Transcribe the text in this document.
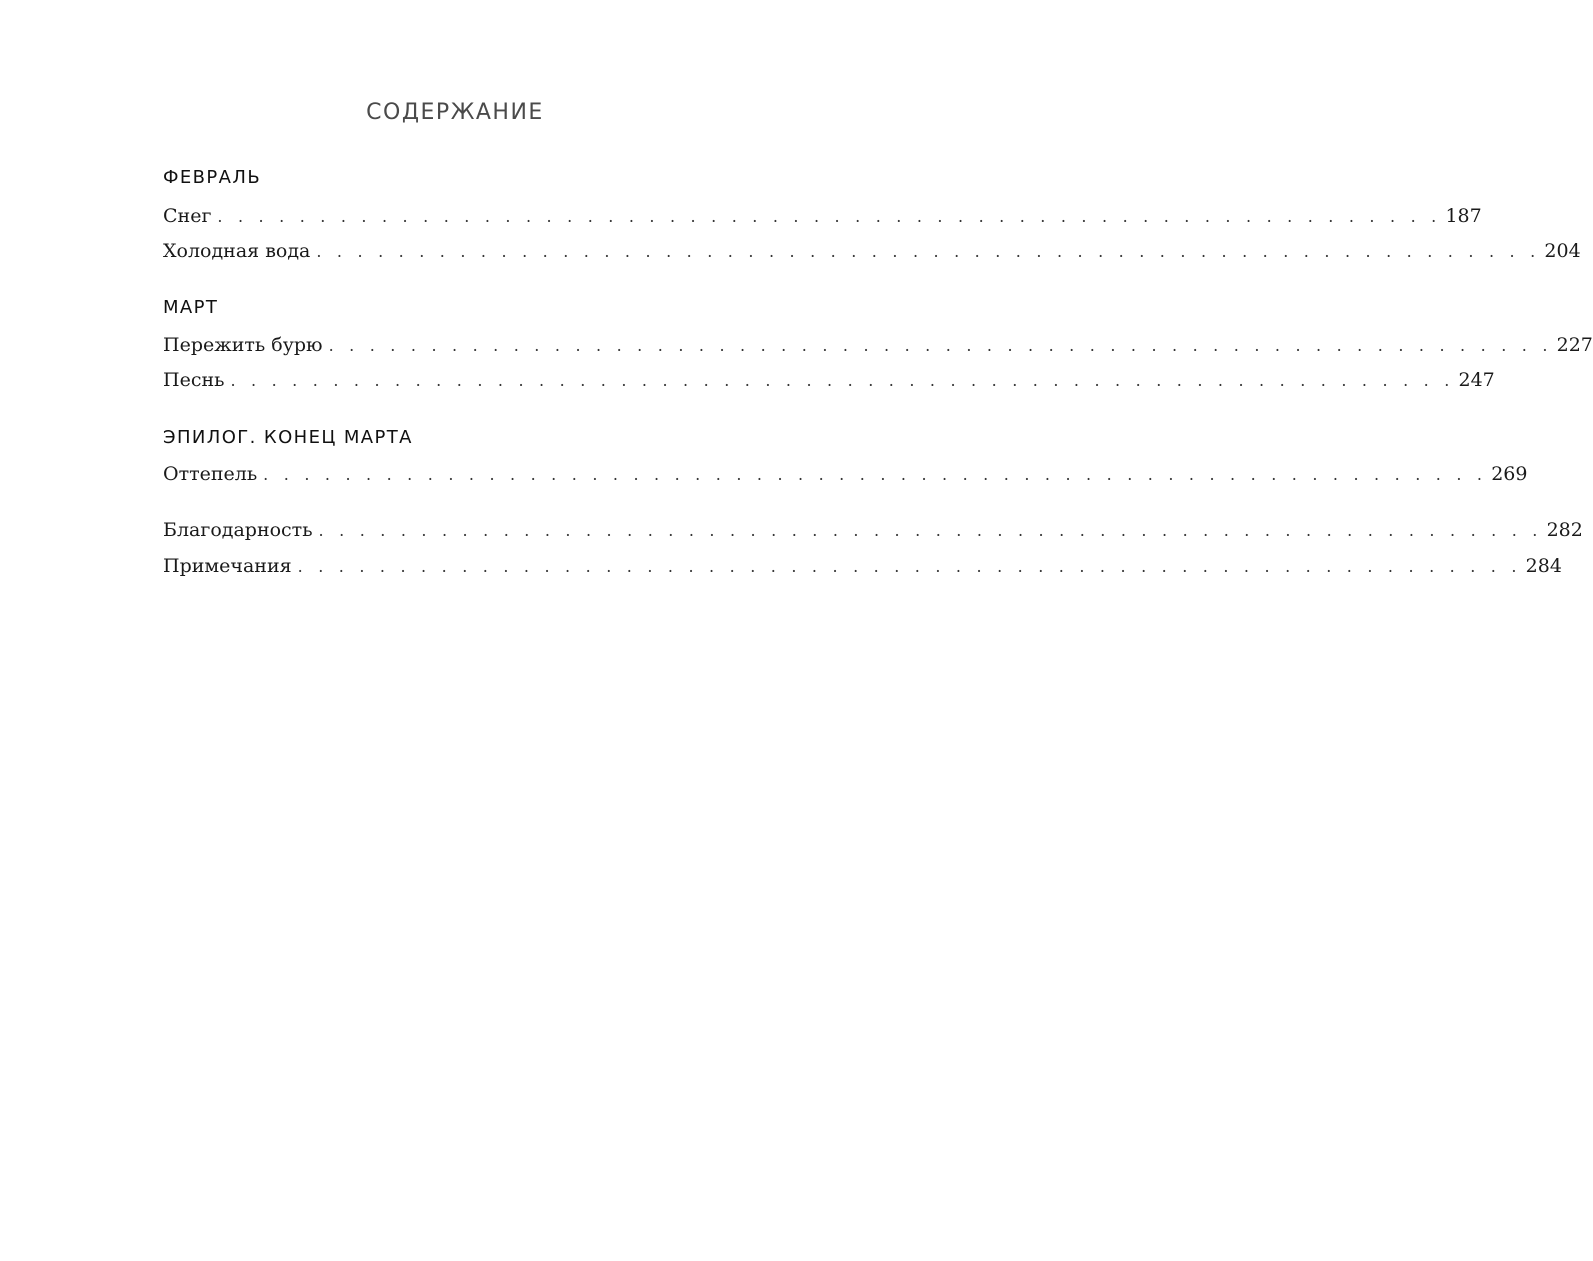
СОДЕРЖАНИЕ
ФЕВРАЛЬ
Снег . . . . . . . . . . . . . . . . . . . . . . . . . . . . . . . . . . . . . . . . . . . . . . . . . . . . . . . . . . . . 187
Холодная вода . . . . . . . . . . . . . . . . . . . . . . . . . . . . . . . . . . . . . . . . . . . . . . . . . . . . . . . . . . . . 204
МАРТ
Пережить бурю . . . . . . . . . . . . . . . . . . . . . . . . . . . . . . . . . . . . . . . . . . . . . . . . . . . . . . . . . . . . 227
Песнь . . . . . . . . . . . . . . . . . . . . . . . . . . . . . . . . . . . . . . . . . . . . . . . . . . . . . . . . . . . . 247
ЭПИЛОГ. КОНЕЦ МАРТА
Оттепель . . . . . . . . . . . . . . . . . . . . . . . . . . . . . . . . . . . . . . . . . . . . . . . . . . . . . . . . . . . . 269
Благодарность . . . . . . . . . . . . . . . . . . . . . . . . . . . . . . . . . . . . . . . . . . . . . . . . . . . . . . . . . . . . 282
Примечания . . . . . . . . . . . . . . . . . . . . . . . . . . . . . . . . . . . . . . . . . . . . . . . . . . . . . . . . . . . . 284
